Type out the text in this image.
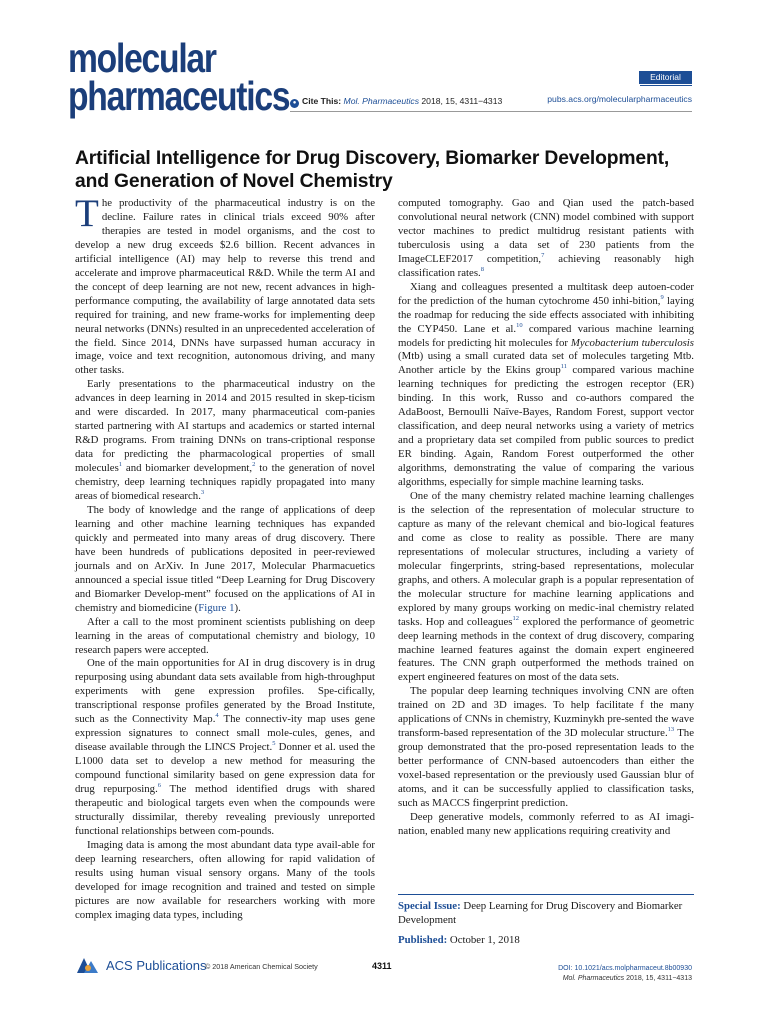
molecular
pharmaceutics	Editorial
● Cite This: Mol. Pharmaceutics 2018, 15, 4311−4313	pubs.acs.org/molecularpharmaceutics
Artificial Intelligence for Drug Discovery, Biomarker Development, and Generation of Novel Chemistry

The productivity of the pharmaceutical industry is on the decline. Failure rates in clinical trials exceed 90% after therapies are tested in model organisms, and the cost to develop a new drug exceeds $2.6 billion. Recent advances in artificial intelligence (AI) may help to reverse this trend and accelerate and improve pharmaceutical R&D. While the term AI and the concept of deep learning are not new, recent advances in high-performance computing, the availability of large annotated data sets required for training, and new frame-works for implementing deep neural networks (DNNs) resulted in an unprecedented acceleration of the field. Since 2014, DNNs have surpassed human accuracy in image, voice and text recognition, autonomous driving, and many other tasks.

Early presentations to the pharmaceutical industry on the advances in deep learning in 2014 and 2015 resulted in skep-ticism and were discarded. In 2017, many pharmaceutical com-panies started partnering with AI startups and academics or started internal R&D programs. From training DNNs on trans-criptional response data for predicting the pharmacological properties of small molecules$^1$ and biomarker development,$^2$ to the generation of novel chemistry, deep learning techniques rapidly propagated into many areas of biomedical research.$^3$

The body of knowledge and the range of applications of deep learning and other machine learning techniques has expanded quickly and permeated into many areas of drug discovery. There have been hundreds of publications deposited in peer-reviewed journals and on ArXiv. In June 2017, Molecular Pharmacuetics announced a special issue titled “Deep Learning for Drug Discovery and Biomarker Develop-ment” focused on the applications of AI in chemistry and biomedicine (Figure 1).

After a call to the most prominent scientists publishing on deep learning in the areas of computational chemistry and biology, 10 research papers were accepted.

One of the main opportunities for AI in drug discovery is in drug repurposing using abundant data sets available from high-throughput experiments with gene expression profiles. Spe-cifically, transcriptional response profiles generated by the Broad Institute, such as the Connectivity Map.$^4$ The connectiv-ity map uses gene expression signatures to connect small mole-cules, genes, and disease available through the LINCS Project.$^5$ Donner et al. used the L1000 data set to develop a new method for measuring the compound functional similarity based on gene expression data for drug repurposing.$^6$ The method identified drugs with shared therapeutic and biological targets even when the compounds were structurally dissimilar, thereby revealing previously unreported functional relationships between com-pounds.

Imaging data is among the most abundant data type avail-able for deep learning researchers, often allowing for rapid validation of results using human visual sensory organs. Many of the tools developed for image recognition and trained and tested on simple pictures are now available for researchers working with more complex imaging data types, including

computed tomography. Gao and Qian used the patch-based convolutional neural network (CNN) model combined with support vector machines to predict multidrug resistant patients with tuberculosis using a data set of 230 patients from the ImageCLEF2017 competition,$^7$ achieving reasonably high classification rates.$^8$

Xiang and colleagues presented a multitask deep autoen-coder for the prediction of the human cytochrome 450 inhi-bition,$^9$ laying the roadmap for reducing the side effects associated with inhibiting the CYP450. Lane et al.$^{10}$ compared various machine learning models for predicting hit molecules for Mycobacterium tuberculosis (Mtb) using a small curated data set of molecules targeting Mtb. Another article by the Ekins group$^{11}$ compared various machine learning techniques for predicting the estrogen receptor (ER) binding. In this work, Russo and co-authors compared the AdaBoost, Bernoulli Naïve-Bayes, Random Forest, support vector classification, and deep neural networks using a variety of metrics and a proprietary data set compiled from public sources to predict ER binding. Again, Random Forest outperformed the other algorithms, demonstrating the value of comparing the various algorithms, especially for simple machine learning tasks.

One of the many chemistry related machine learning challenges is the selection of the representation of molecular structure to capture as many of the relevant chemical and bio-logical features and come as close to reality as possible. There are many representations of molecular structures, including a variety of molecular fingerprints, string-based representations, molecular graphs, and others. A molecular graph is a popular representation of the molecular structure for machine learning applications and explored by many groups working on medic-inal chemistry related tasks. Hop and colleagues$^{12}$ explored the performance of geometric deep learning methods in the context of drug discovery, comparing machine learned features against the domain expert engineered features. The CNN graph outperformed the methods trained on expert engineered features on most of the data sets.

The popular deep learning techniques involving CNN are often trained on 2D and 3D images. To help facilitate f the many applications of CNNs in chemistry, Kuzminykh pre-sented the wave transform-based representation of the 3D molecular structure.$^{13}$ The group demonstrated that the pro-posed representation leads to the better performance of CNN-based autoencoders than either the voxel-based representation or the previously used Gaussian blur of atoms, and it can be successfully applied to classification tasks, such as MACCS fingerprint prediction.

Deep generative models, commonly referred to as AI imagi-nation, enabled many new applications requiring creativity and

Special Issue: Deep Learning for Drug Discovery and Biomarker Development
Published: October 1, 2018
ACS Publications
© 2018 American Chemical Society	4311	DOI: 10.1021/acs.molpharmaceut.8b00930
Mol. Pharmaceutics 2018, 15, 4311−4313
